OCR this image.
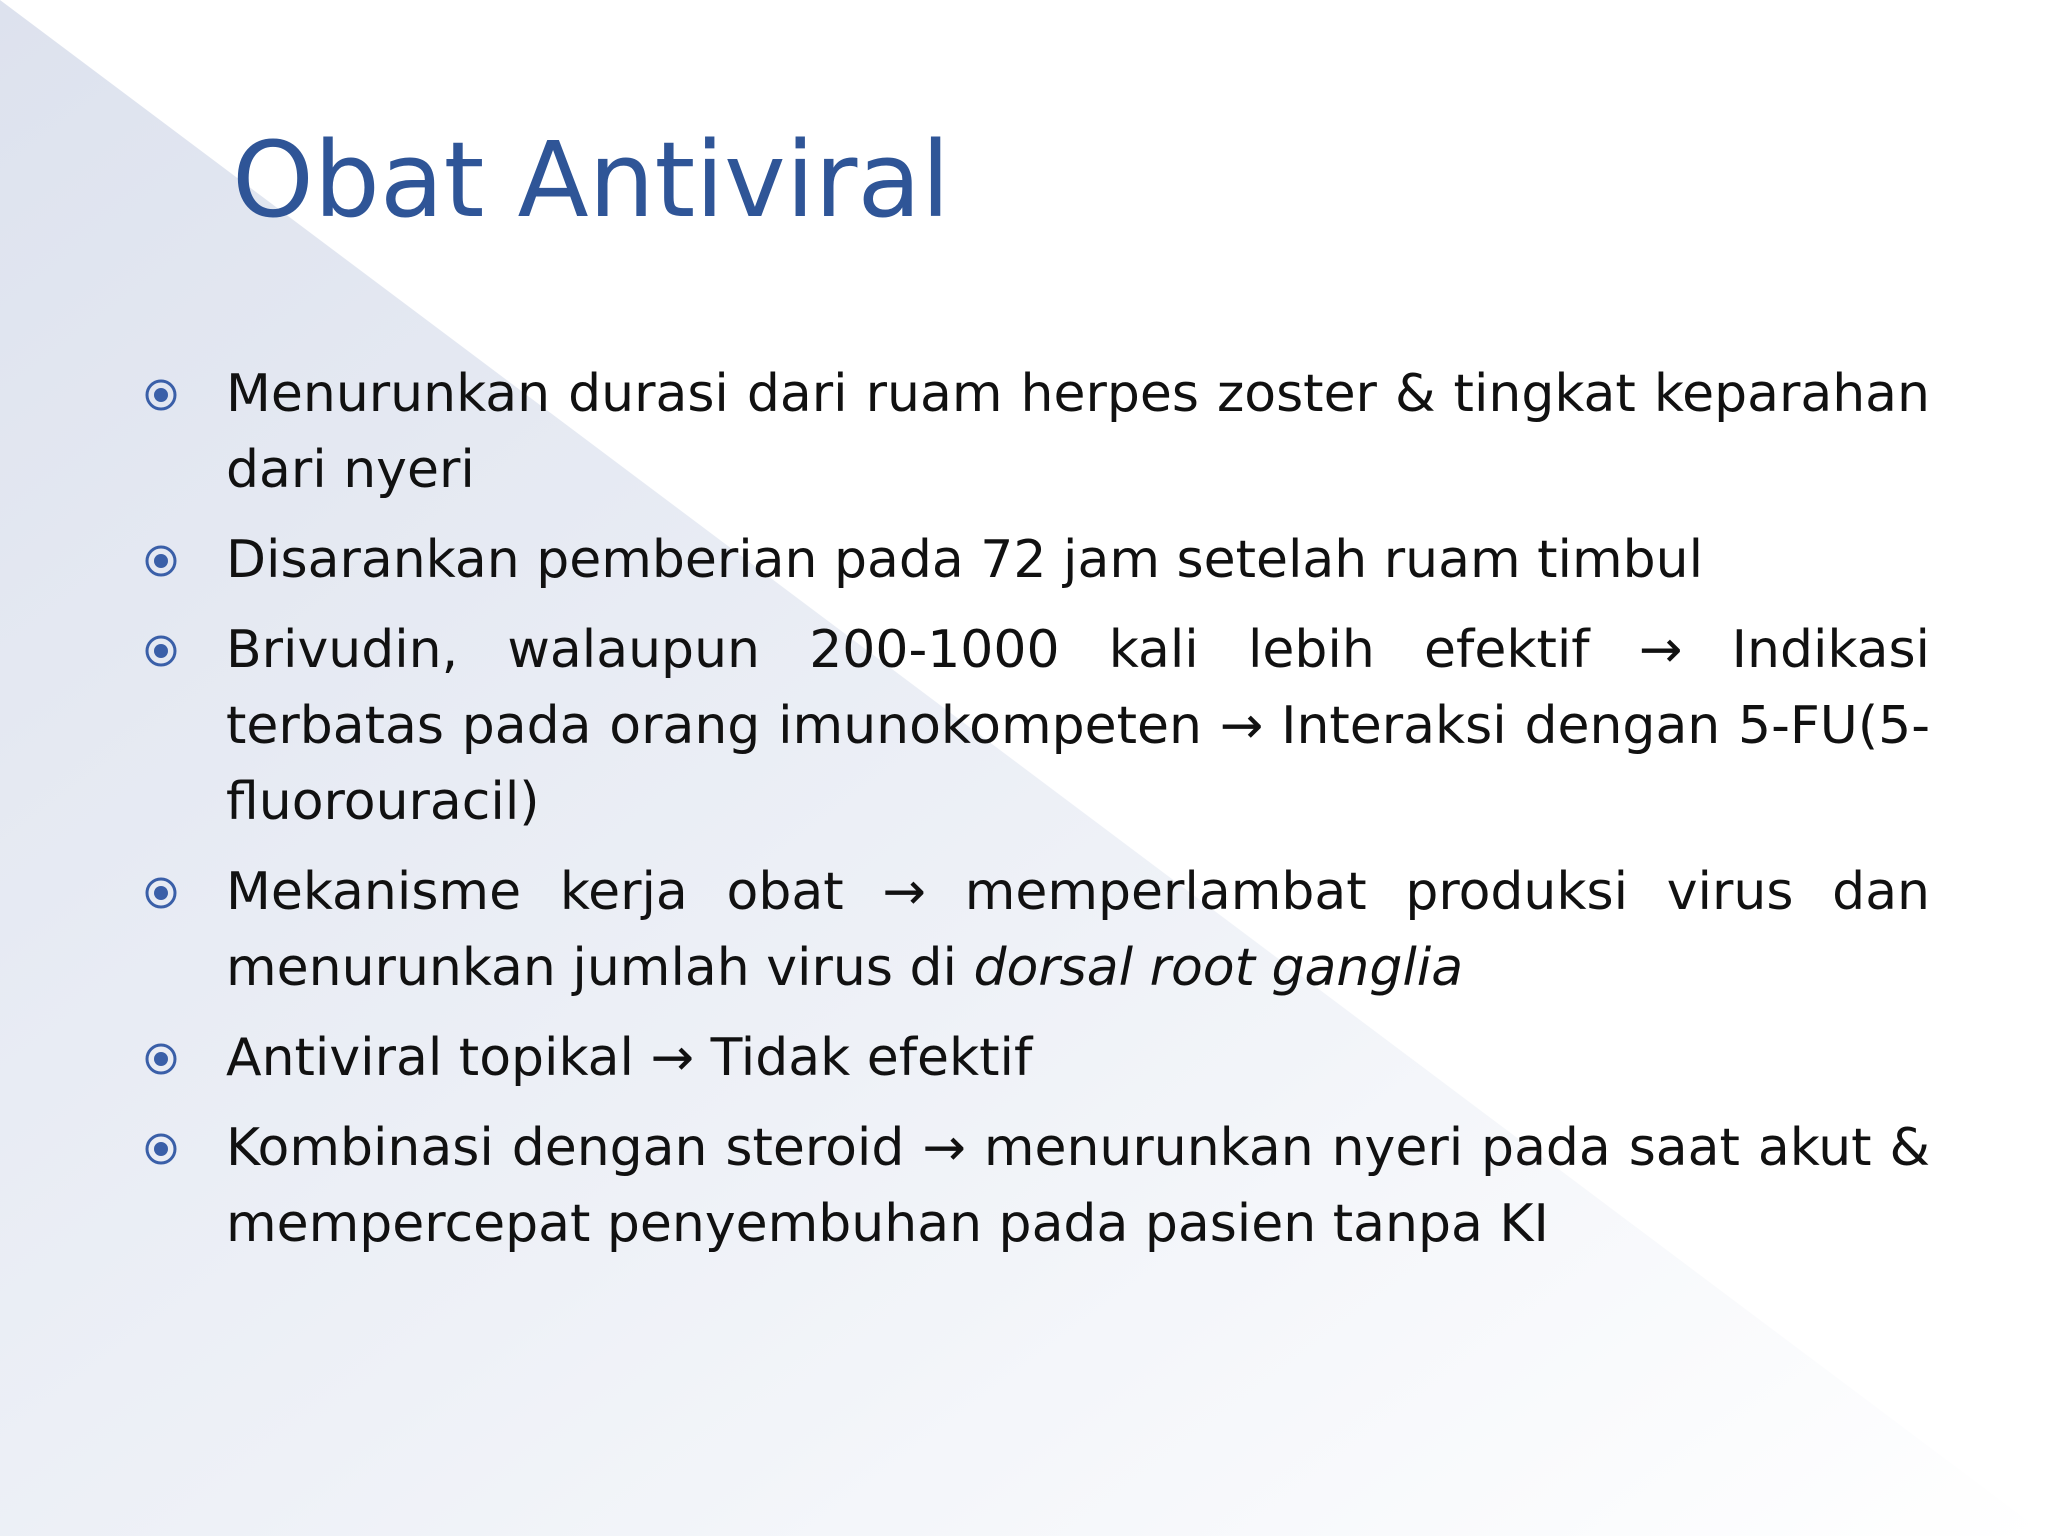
Obat Antiviral
Menurunkan durasi dari ruam herpes zoster & tingkat keparahan dari nyeri
Disarankan pemberian pada 72 jam setelah ruam timbul
Brivudin, walaupun 200-1000 kali lebih efektif → Indikasi terbatas pada orang imunokompeten → Interaksi dengan 5-FU(5-fluorouracil)
Mekanisme kerja obat → memperlambat produksi virus dan menurunkan jumlah virus di dorsal root ganglia
Antiviral topikal → Tidak efektif
Kombinasi dengan steroid → menurunkan nyeri pada saat akut & mempercepat penyembuhan pada pasien tanpa KI
